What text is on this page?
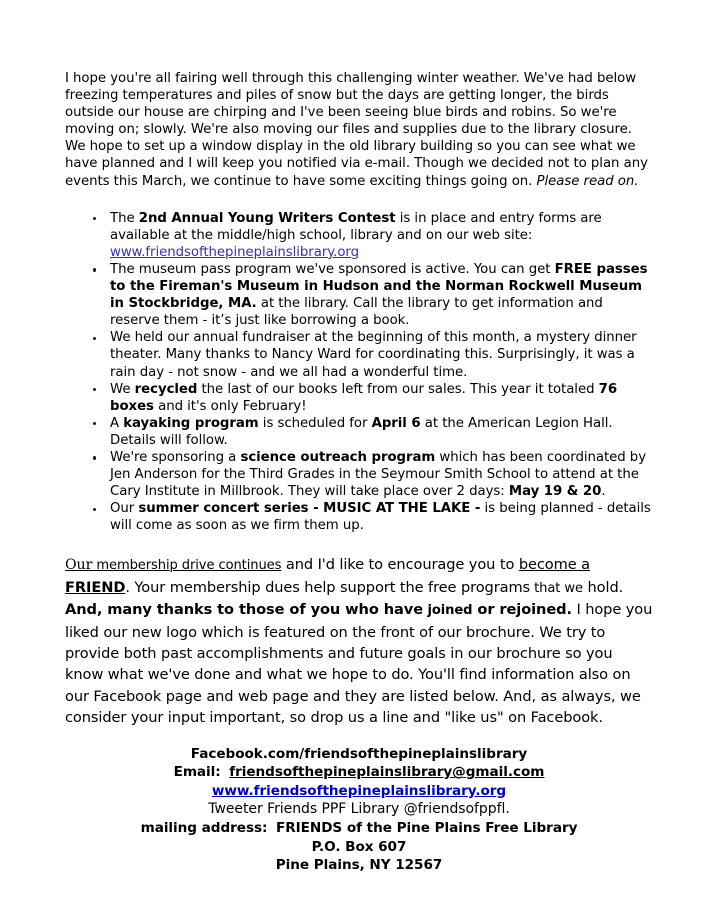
I hope you're all fairing well through this challenging winter weather. We've had below freezing temperatures and piles of snow but the days are getting longer, the birds outside our house are chirping and I've been seeing blue birds and robins. So we're moving on; slowly. We're also moving our files and supplies due to the library closure. We hope to set up a window display in the old library building so you can see what we have planned and I will keep you notified via e-mail. Though we decided not to plan any events this March, we continue to have some exciting things going on. Please read on.

The 2nd Annual Young Writers Contest is in place and entry forms are available at the middle/high school, library and on our web site: www.friendsofthepineplainslibrary.org
The museum pass program we've sponsored is active. You can get FREE passes to the Fireman's Museum in Hudson and the Norman Rockwell Museum in Stockbridge, MA. at the library. Call the library to get information and reserve them - it’s just like borrowing a book.
We held our annual fundraiser at the beginning of this month, a mystery dinner theater. Many thanks to Nancy Ward for coordinating this. Surprisingly, it was a rain day - not snow - and we all had a wonderful time.
We recycled the last of our books left from our sales. This year it totaled 76 boxes and it's only February!
A kayaking program is scheduled for April 6 at the American Legion Hall. Details will follow.
We're sponsoring a science outreach program which has been coordinated by Jen Anderson for the Third Grades in the Seymour Smith School to attend at the Cary Institute in Millbrook. They will take place over 2 days: May 19 & 20.
Our summer concert series - MUSIC AT THE LAKE - is being planned - details will come as soon as we firm them up.

Our membership drive continues and I'd like to encourage you to become a FRIEND. Your membership dues help support the free programs that we hold. And, many thanks to those of you who have joined or rejoined. I hope you liked our new logo which is featured on the front of our brochure. We try to provide both past accomplishments and future goals in our brochure so you know what we've done and what we hope to do. You'll find information also on our Facebook page and web page and they are listed below. And, as always, we consider your input important, so drop us a line and "like us" on Facebook.

Facebook.com/friendsofthepineplainslibrary
Email: friendsofthepineplainslibrary@gmail.com
www.friendsofthepineplainslibrary.org
Tweeter Friends PPF Library @friendsofppfl.
mailing address: FRIENDS of the Pine Plains Free Library
P.O. Box 607
Pine Plains, NY 12567
